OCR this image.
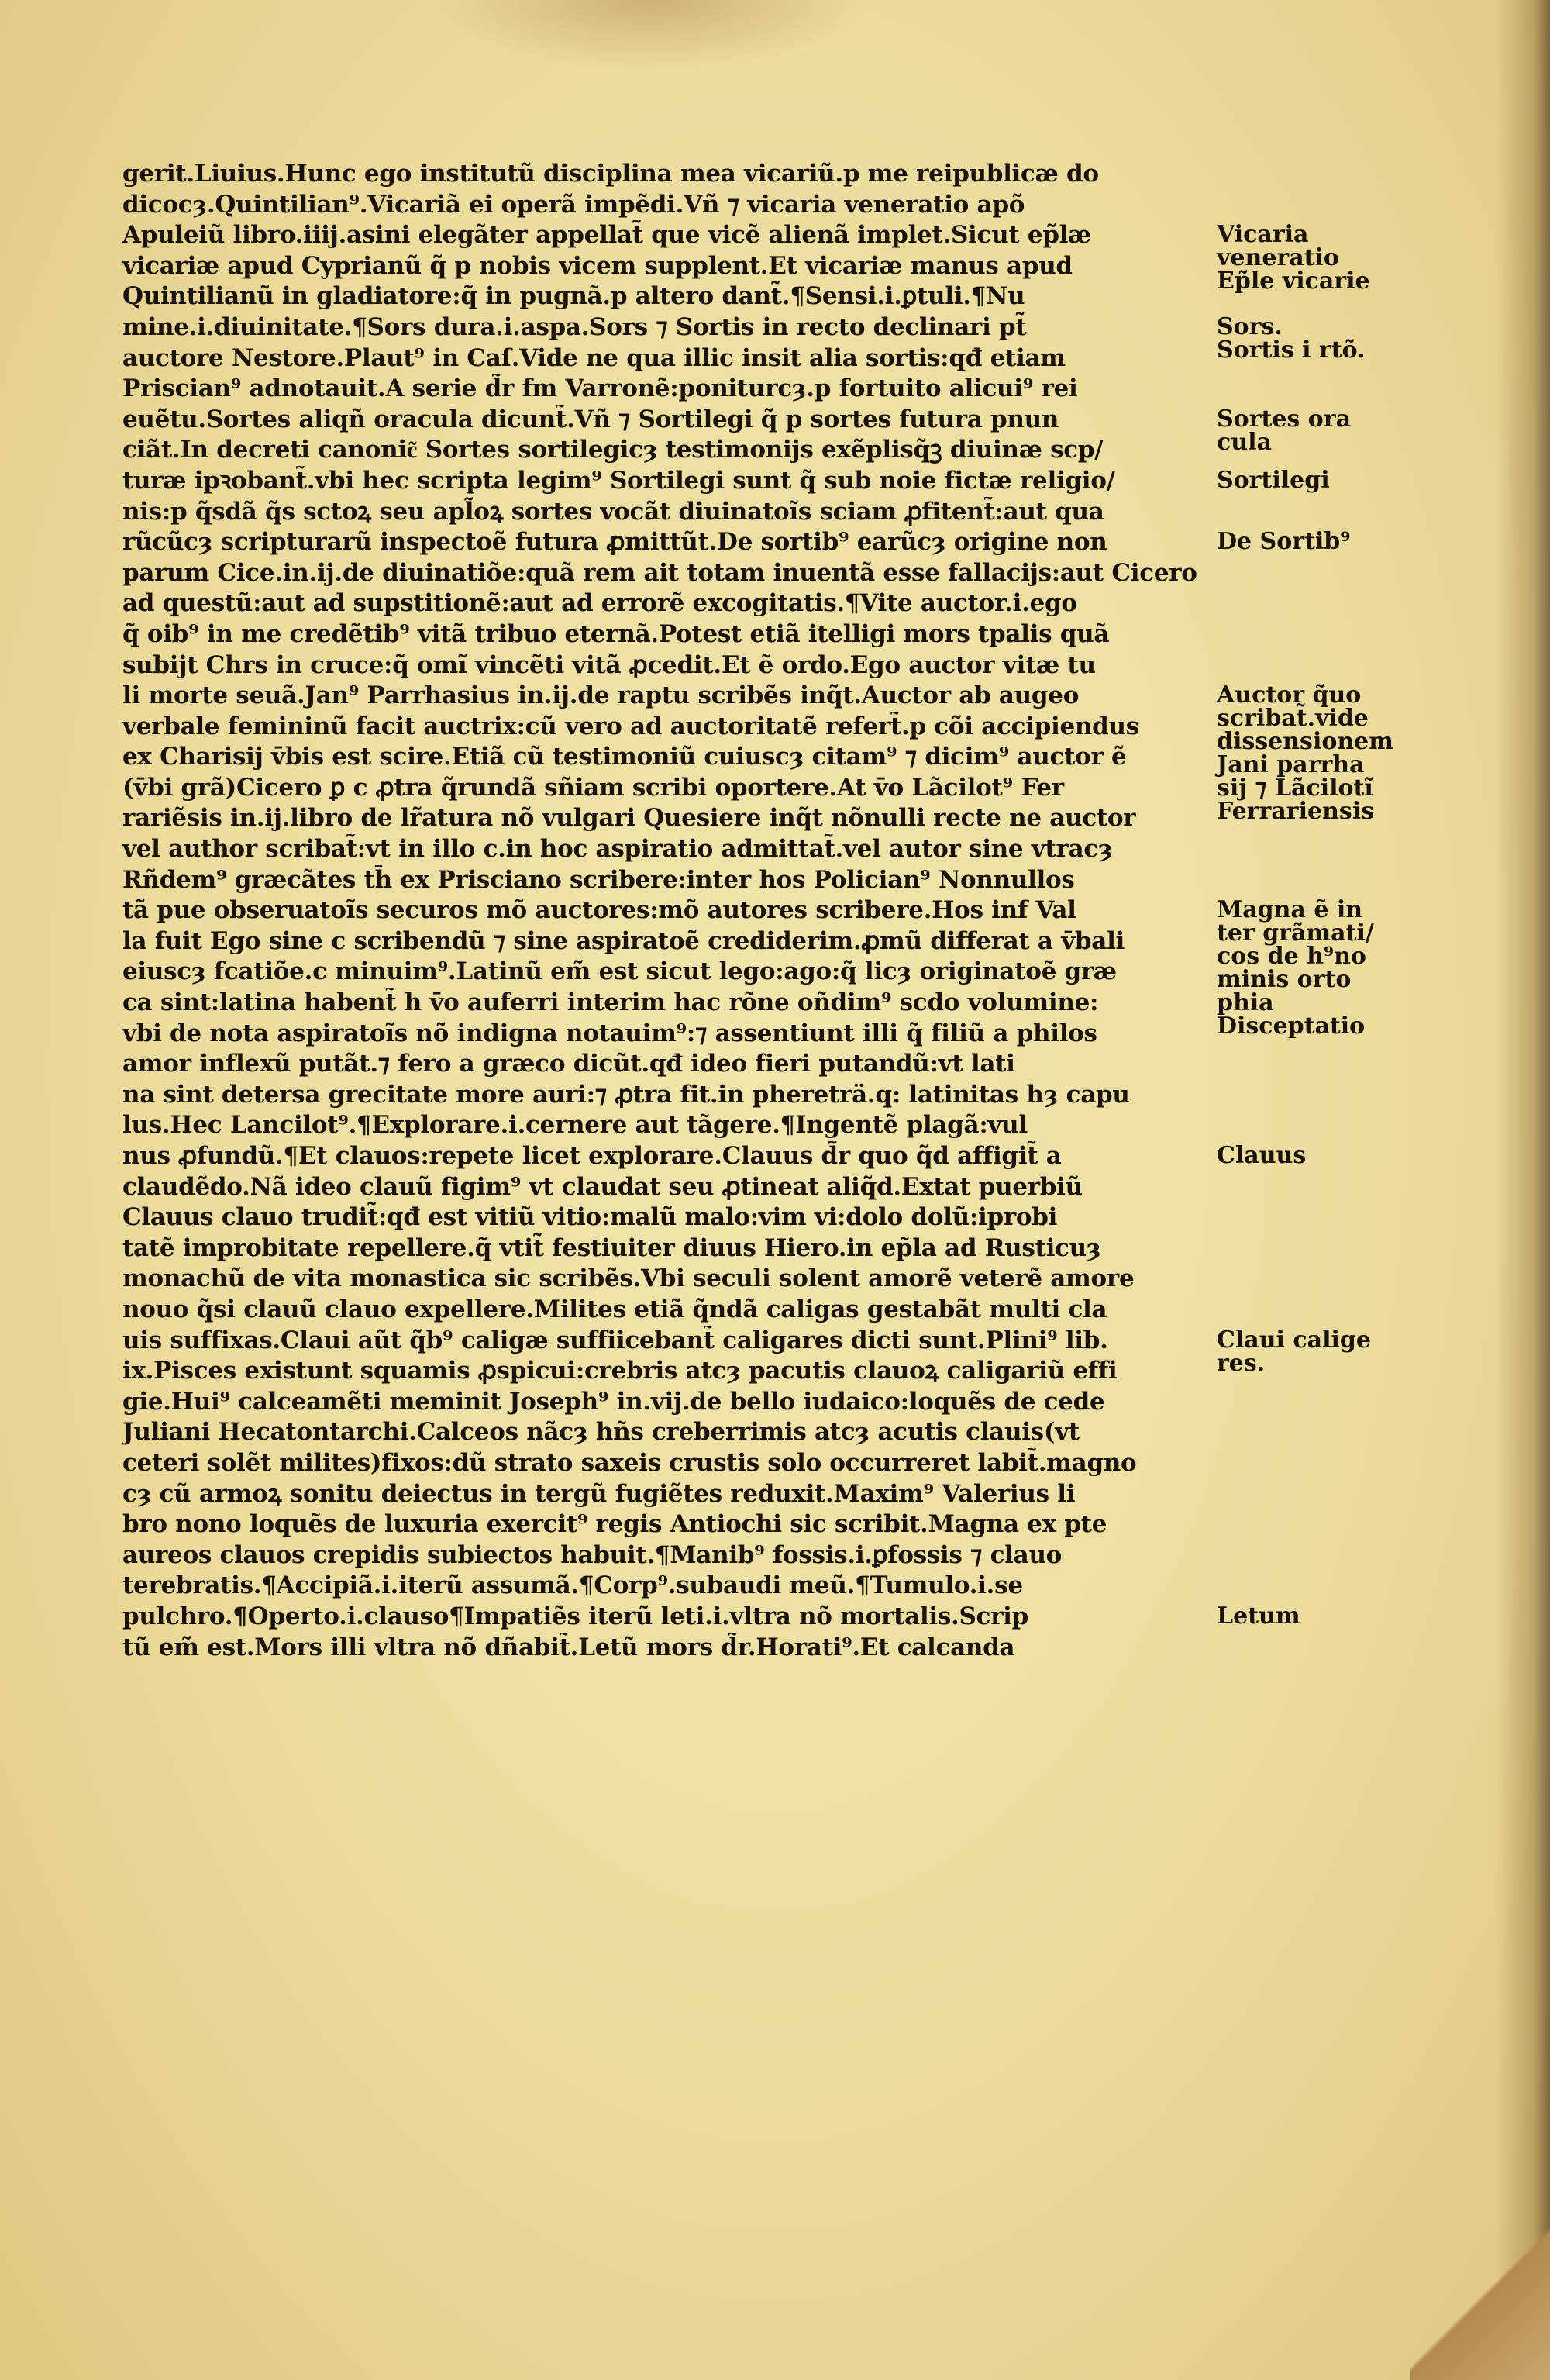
gerit.Liuius.Hunc ego institutũ disciplina mea vicariũ.p me reipublicæ do
dicocȝ.Quintilian⁹.Vicariã ei operã impẽdi.Vñ ⁊ vicaria veneratio apõ
Apuleiũ libro.iiij.asini elegãter appellat̃ que vicẽ alienã implet.Sicut ep̃læ
vicariæ apud Cyprianũ q̃ p nobis vicem supplent.Et vicariæ manus apud
Quintilianũ in gladiatore:q̃ in pugnã.p altero dant̃.¶Sensi.i.ꝑtuli.¶Nu
mine.i.diuinitate.¶Sors dura.i.aspa.Sors ⁊ Sortis in recto declinari pt̃
auctore Nestore.Plaut⁹ in Caſ.Vide ne qua illic insit alia sortis:qđ etiam
Priscian⁹ adnotauit.A serie d̃r fm Varronẽ:poniturcȝ.p fortuito alicui⁹ rei
euẽtu.Sortes aliqñ oracula dicunt̃.Vñ ⁊ Sortilegi q̃ p sortes futura pnun
ciãt.In decreti canonic͂ Sortes sortilegicȝ testimonijs exẽplisq̃ꝫ diuinæ scp/
turæ ipꝛobant̃.vbi hec scripta legim⁹ Sortilegi sunt q̃ sub noie fictæ religio/
nis:p q̃sdã q̃s sctoꝝ seu apl̃oꝝ sortes vocãt diuinatoĩs sciam ꝓfitent̃:aut qua
rũcũcȝ scripturarũ inspectoẽ futura ꝓmittũt.De sortib⁹ earũcȝ origine non
parum Cice.in.ij.de diuinatiõe:quã rem ait totam inuentã esse fallacijs:aut Cicero
ad questũ:aut ad supstitionẽ:aut ad errorẽ excogitatis.¶Vite auctor.i.ego
q̃ oib⁹ in me credẽtib⁹ vitã tribuo eternã.Potest etiã itelligi mors tpalis quã
subijt Chrs in cruce:q̃ omĩ vincẽti vitã ꝓcedit.Et ẽ ordo.Ego auctor vitæ tu
li morte seuã.Jan⁹ Parrhasius in.ij.de raptu scribẽs inq̃t.Auctor ab augeo
verbale femininũ facit auctrix:cũ vero ad auctoritatẽ refert̃.p cõi accipiendus
ex Charisij v̄bis est scire.Etiã cũ testimoniũ cuiuscȝ citam⁹ ⁊ dicim⁹ auctor ẽ
(v̄bi grã)Cicero ꝑ c ꝓtra q̃rundã sñiam scribi oportere.At v̄o Lãcilot⁹ Fer
rariẽsis in.ij.libro de lr̃atura nõ vulgari Quesiere inq̃t nõnulli recte ne auctor
vel author scribat̃:vt in illo c.in hoc aspiratio admittat̃.vel autor sine vtracȝ
Rñdem⁹ græcãtes th̄ ex Prisciano scribere:inter hos Polician⁹ Nonnullos
tã pue obseruatoĩs securos mõ auctores:mõ autores scribere.Hos inf Val
la fuit Ego sine c scribendũ ⁊ sine aspiratoẽ crediderim.ꝓmũ differat a v̄bali
eiuscȝ fcatiõe.c minuim⁹.Latinũ em̃ est sicut lego:ago:q̃ licȝ originatoẽ græ
ca sint:latina habent̃ h v̄o auferri interim hac rõne oñdim⁹ scdo volumine:
vbi de nota aspiratoĩs nõ indigna notauim⁹:⁊ assentiunt illi q̃ filiũ a philos
amor inflexũ putãt.⁊ fero a græco dicũt.qđ ideo fieri putandũ:vt lati
na sint detersa grecitate more auri:⁊ ꝓtra fit.in phereträ.q: latinitas hȝ capu
lus.Hec Lancilot⁹.¶Explorare.i.cernere aut tãgere.¶Ingentẽ plagã:vul
nus ꝓfundũ.¶Et clauos:repete licet explorare.Clauus d̃r quo q̃d affigit̃ a
claudẽdo.Nã ideo clauũ figim⁹ vt claudat seu ꝓtineat aliq̃d.Extat puerbiũ
Clauus clauo trudit̃:qđ est vitiũ vitio:malũ malo:vim vi:dolo dolũ:iprobi
tatẽ improbitate repellere.q̃ vtit̃ festiuiter diuus Hiero.in ep̃la ad Rusticuȝ
monachũ de vita monastica sic scribẽs.Vbi seculi solent amorẽ veterẽ amore
nouo q̃si clauũ clauo expellere.Milites etiã q̃ndã caligas gestabãt multi cla
uis suffixas.Claui aũt q̃b⁹ caligæ suffiicebant̃ caligares dicti sunt.Plini⁹ lib.
ix.Pisces existunt squamis ꝓspicui:crebris atcȝ pacutis clauoꝝ caligariũ effi
gie.Hui⁹ calceamẽti meminit Joseph⁹ in.vij.de bello iudaico:loquẽs de cede
Juliani Hecatontarchi.Calceos nãcȝ hñs creberrimis atcȝ acutis clauis(vt
ceteri solẽt milites)fixos:dũ strato saxeis crustis solo occurreret labit̃.magno
cȝ cũ armoꝝ sonitu deiectus in tergũ fugiẽtes reduxit.Maxim⁹ Valerius li
bro nono loquẽs de luxuria exercit⁹ regis Antiochi sic scribit.Magna ex pte
aureos clauos crepidis subiectos habuit.¶Manib⁹ fossis.i.ꝑfossis ⁊ clauo
terebratis.¶Accipiã.i.iterũ assumã.¶Corp⁹.subaudi meũ.¶Tumulo.i.se
pulchro.¶Operto.i.clauso¶Impatiẽs iterũ leti.i.vltra nõ mortalis.Scrip
tũ em̃ est.Mors illi vltra nõ dñabit̃.Letũ mors d̃r.Horati⁹.Et calcanda
Vicaria
veneratio
Ep̃le vicarie
Sors.
Sortis i rtõ.
Sortes ora
cula
Sortilegi
De Sortib⁹
Auctor q̃uo
scribat̃.vide
dissensionem
Jani parrha
sij ⁊ Lãcilotĩ
Ferrariensis
Magna ẽ in
ter grãmati/
cos de h⁹no
minis orto
phia
Disceptatio
Clauus
Claui calige
res.
Letum
